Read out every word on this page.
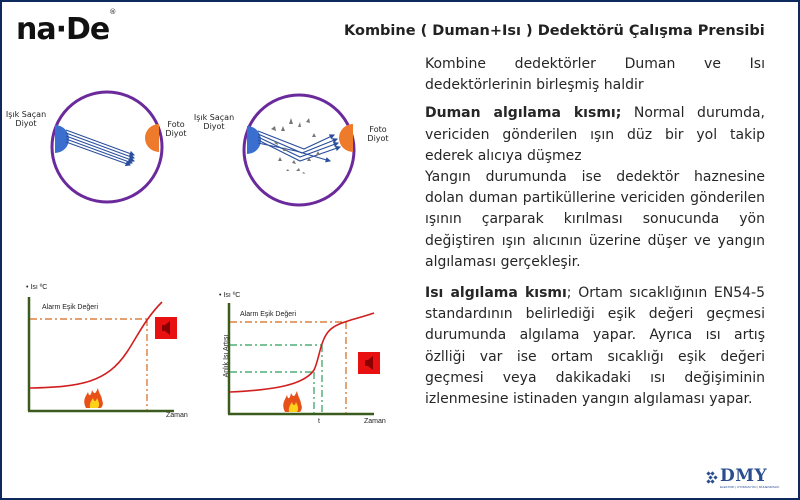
na·De®
Kombine ( Duman+Isı ) Dedektörü Çalışma Prensibi
Işık Saçan
Diyot	Foto
Diyot
Işık Saçan
Diyot	Foto
Diyot
• Isı ºC
Alarm Eşik Değeri
Zaman
• Isı ºC
Alarm Eşik Değeri
Anlık Isı Artışı
t	Zaman

Kombine dedektörler Duman ve Isı dedektörlerinin birleşmiş haldir

Duman algılama kısmı; Normal durumda, vericiden gönderilen ışın düz bir yol takip ederek alıcıya düşmez

Yangın durumunda ise dedektör haznesine dolan duman partiküllerine vericiden gönderilen ışının çarparak kırılması sonucunda yön değiştiren ışın alıcının üzerine düşer ve yangın algılaması gerçekleşir.

Isı algılama kısmı; Ortam sıcaklığının EN54-5 standardının belirlediği eşik değeri geçmesi durumunda algılama yapar. Ayrıca ısı artış özlliği var ise ortam sıcaklığı eşik değeri geçmesi veya dakikadaki ısı değişiminin izlenmesine istinaden yangın algılaması yapar.

DMY
ELEKTRİK | OTOMASYON | MÜHENDİSLİK
